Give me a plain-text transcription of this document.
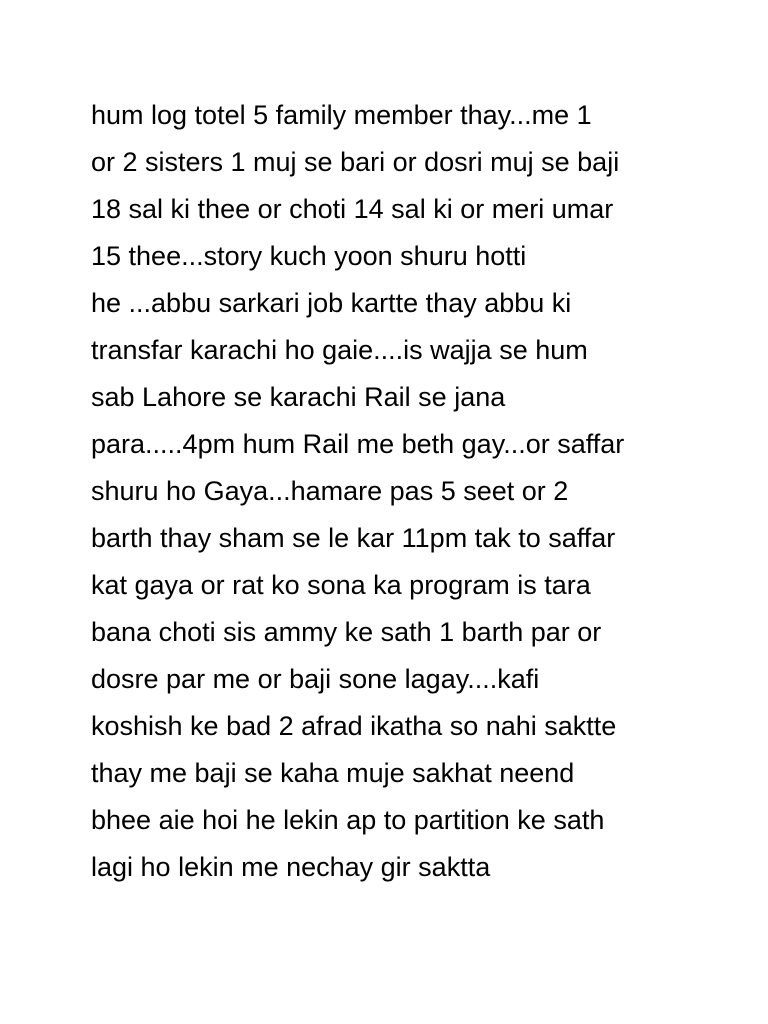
hum log totel 5 family member thay...me 1
or 2 sisters 1 muj se bari or dosri muj se baji
18 sal ki thee or choti 14 sal ki or meri umar
15 thee...story kuch yoon shuru hotti
he ...abbu sarkari job kartte thay abbu ki
transfar karachi ho gaie....is wajja se hum
sab Lahore se karachi Rail se jana
para.....4pm hum Rail me beth gay...or saffar
shuru ho Gaya...hamare pas 5 seet or 2
barth thay sham se le kar 11pm tak to saffar
kat gaya or rat ko sona ka program is tara
bana choti sis ammy ke sath 1 barth par or
dosre par me or baji sone lagay....kafi
koshish ke bad 2 afrad ikatha so nahi saktte
thay me baji se kaha muje sakhat neend
bhee aie hoi he lekin ap to partition ke sath
lagi ho lekin me nechay gir saktta
